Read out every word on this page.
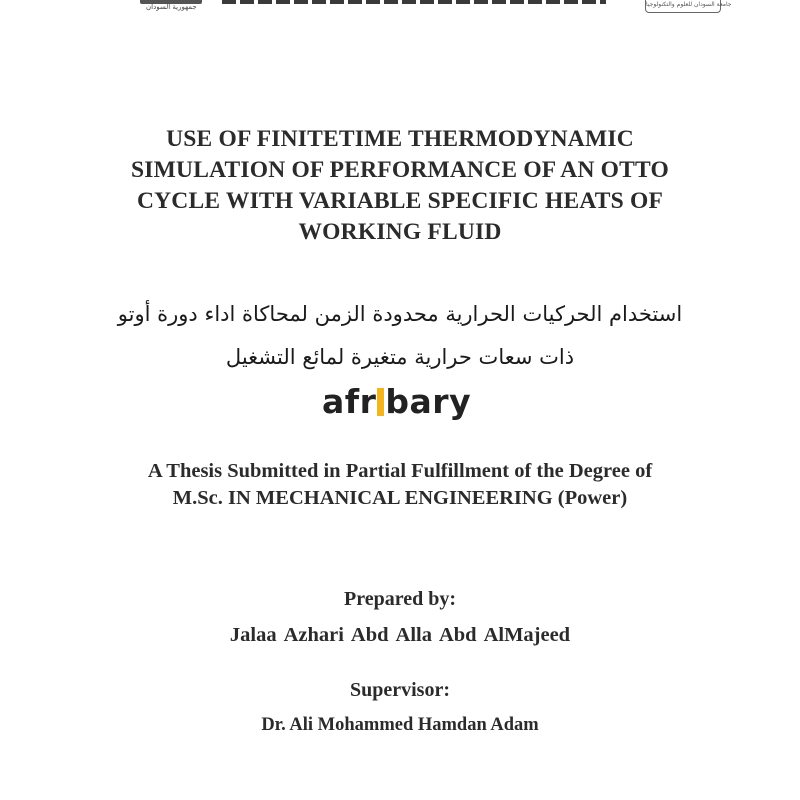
جمهورية السودان	جامعة السودان للعلوم والتكنولوجيا
USE OF FINITETIME THERMODYNAMIC
SIMULATION OF PERFORMANCE OF AN OTTO
CYCLE WITH VARIABLE SPECIFIC HEATS OF
WORKING FLUID
استخدام الحركيات الحرارية محدودة الزمن لمحاكاة اداء دورة أوتو
ذات سعات حرارية متغيرة لمائع التشغيل
afr bary
A Thesis Submitted in Partial Fulfillment of the Degree of
M.Sc. IN MECHANICAL ENGINEERING (Power)
Prepared by:
Jalaa Azhari Abd Alla Abd AlMajeed
Supervisor:
Dr. Ali Mohammed Hamdan Adam
